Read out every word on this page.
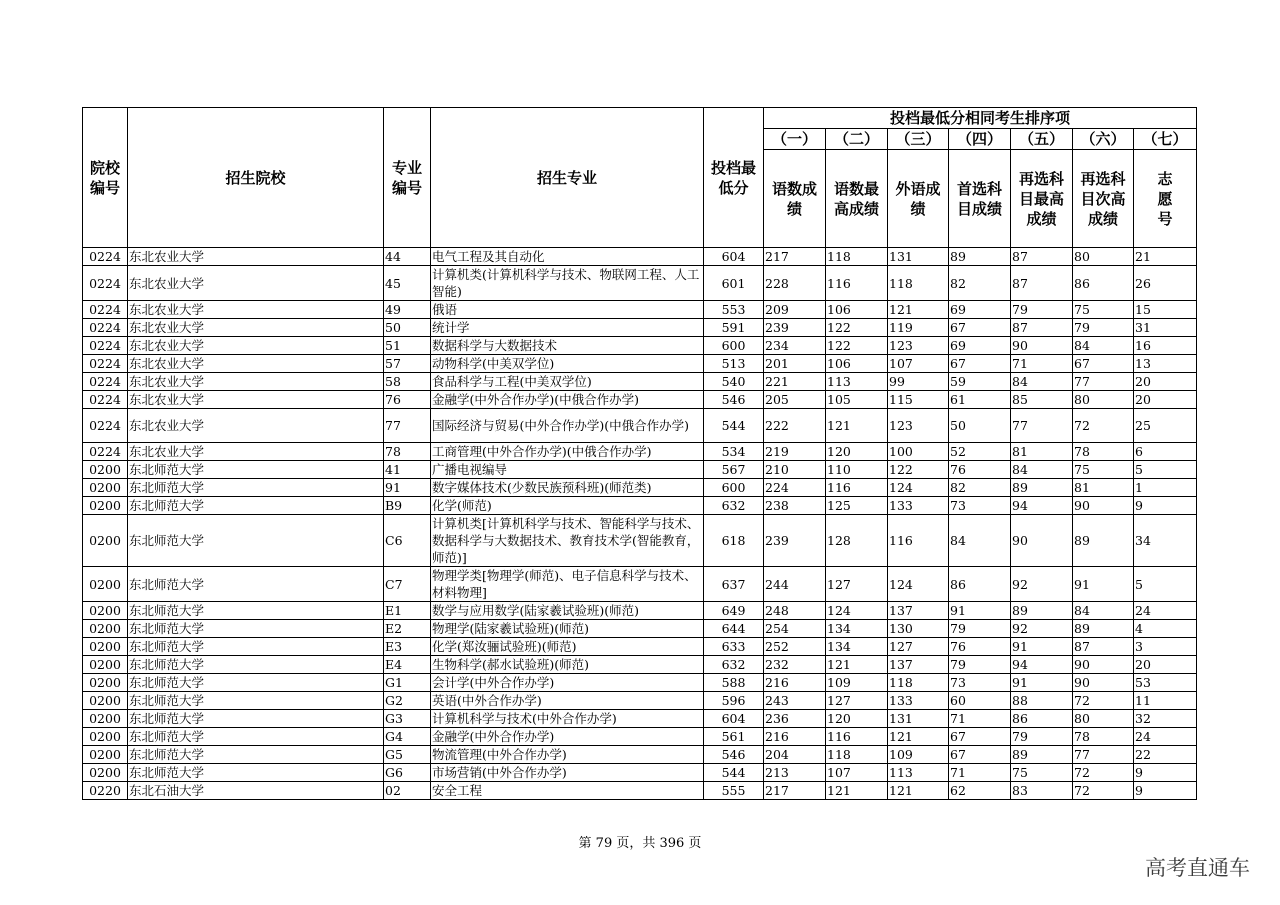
院校编号	招生院校	专业编号	招生专业	投档最低分	投档最低分相同考生排序项						
					（一）	（二）	（三）	（四）	（五）	（六）	（七）
					语数成绩	语数最高成绩	外语成绩	首选科目成绩	再选科目最高成绩	再选科目次高成绩	志愿号
0224	东北农业大学	44	电气工程及其自动化	604	217	118	131	89	87	80	21
0224	东北农业大学	45	计算机类(计算机科学与技术、物联网工程、人工智能)	601	228	116	118	82	87	86	26
0224	东北农业大学	49	俄语	553	209	106	121	69	79	75	15
0224	东北农业大学	50	统计学	591	239	122	119	67	87	79	31
0224	东北农业大学	51	数据科学与大数据技术	600	234	122	123	69	90	84	16
0224	东北农业大学	57	动物科学(中美双学位)	513	201	106	107	67	71	67	13
0224	东北农业大学	58	食品科学与工程(中美双学位)	540	221	113	99	59	84	77	20
0224	东北农业大学	76	金融学(中外合作办学)(中俄合作办学)	546	205	105	115	61	85	80	20
0224	东北农业大学	77	国际经济与贸易(中外合作办学)(中俄合作办学)	544	222	121	123	50	77	72	25
0224	东北农业大学	78	工商管理(中外合作办学)(中俄合作办学)	534	219	120	100	52	81	78	6
0200	东北师范大学	41	广播电视编导	567	210	110	122	76	84	75	5
0200	东北师范大学	91	数字媒体技术(少数民族预科班)(师范类)	600	224	116	124	82	89	81	1
0200	东北师范大学	B9	化学(师范)	632	238	125	133	73	94	90	9
0200	东北师范大学	C6	计算机类[计算机科学与技术、智能科学与技术、数据科学与大数据技术、教育技术学(智能教育，师范)]	618	239	128	116	84	90	89	34
0200	东北师范大学	C7	物理学类[物理学(师范)、电子信息科学与技术、材料物理]	637	244	127	124	86	92	91	5
0200	东北师范大学	E1	数学与应用数学(陆家羲试验班)(师范)	649	248	124	137	91	89	84	24
0200	东北师范大学	E2	物理学(陆家羲试验班)(师范)	644	254	134	130	79	92	89	4
0200	东北师范大学	E3	化学(郑汝骊试验班)(师范)	633	252	134	127	76	91	87	3
0200	东北师范大学	E4	生物科学(郝水试验班)(师范)	632	232	121	137	79	94	90	20
0200	东北师范大学	G1	会计学(中外合作办学)	588	216	109	118	73	91	90	53
0200	东北师范大学	G2	英语(中外合作办学)	596	243	127	133	60	88	72	11
0200	东北师范大学	G3	计算机科学与技术(中外合作办学)	604	236	120	131	71	86	80	32
0200	东北师范大学	G4	金融学(中外合作办学)	561	216	116	121	67	79	78	24
0200	东北师范大学	G5	物流管理(中外合作办学)	546	204	118	109	67	89	77	22
0200	东北师范大学	G6	市场营销(中外合作办学)	544	213	107	113	71	75	72	9
0220	东北石油大学	02	安全工程	555	217	121	121	62	83	72	9
第 79 页，共 396 页
高考直通车
